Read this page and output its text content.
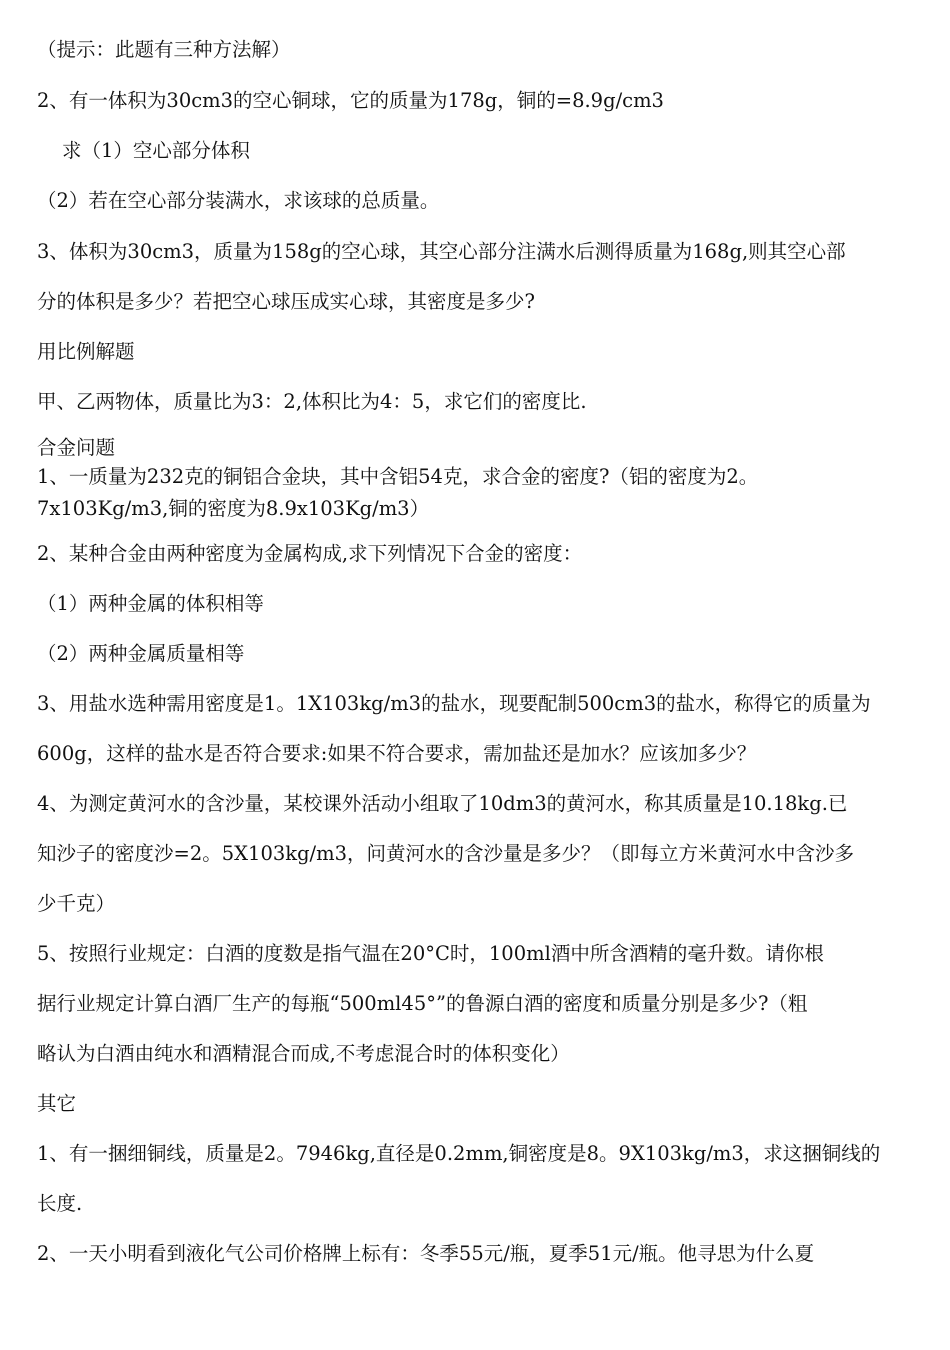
（提示：此题有三种方法解）
2、有一体积为30cm3的空心铜球，它的质量为178g，铜的=8.9g/cm3
求（1）空心部分体积
（2）若在空心部分装满水，求该球的总质量。
3、体积为30cm3，质量为158g的空心球，其空心部分注满水后测得质量为168g,则其空心部
分的体积是多少？若把空心球压成实心球，其密度是多少?
用比例解题
甲、乙两物体，质量比为3：2,体积比为4：5，求它们的密度比.
合金问题
1、一质量为232克的铜铝合金块，其中含铝54克，求合金的密度?（铝的密度为2。
7x103Kg/m3,铜的密度为8.9x103Kg/m3）
2、某种合金由两种密度为金属构成,求下列情况下合金的密度：
（1）两种金属的体积相等
（2）两种金属质量相等
3、用盐水选种需用密度是1。1X103kg/m3的盐水，现要配制500cm3的盐水，称得它的质量为
600g，这样的盐水是否符合要求:如果不符合要求，需加盐还是加水？应该加多少？
4、为测定黄河水的含沙量，某校课外活动小组取了10dm3的黄河水，称其质量是10.18kg.已
知沙子的密度沙=2。5X103kg/m3，问黄河水的含沙量是多少？（即每立方米黄河水中含沙多
少千克）
5、按照行业规定：白酒的度数是指气温在20°C时，100ml酒中所含酒精的毫升数。请你根
据行业规定计算白酒厂生产的每瓶“500ml45°”的鲁源白酒的密度和质量分别是多少?（粗
略认为白酒由纯水和酒精混合而成,不考虑混合时的体积变化）
其它
1、有一捆细铜线，质量是2。7946kg,直径是0.2mm,铜密度是8。9X103kg/m3，求这捆铜线的
长度.
2、一天小明看到液化气公司价格牌上标有：冬季55元/瓶，夏季51元/瓶。他寻思为什么夏
